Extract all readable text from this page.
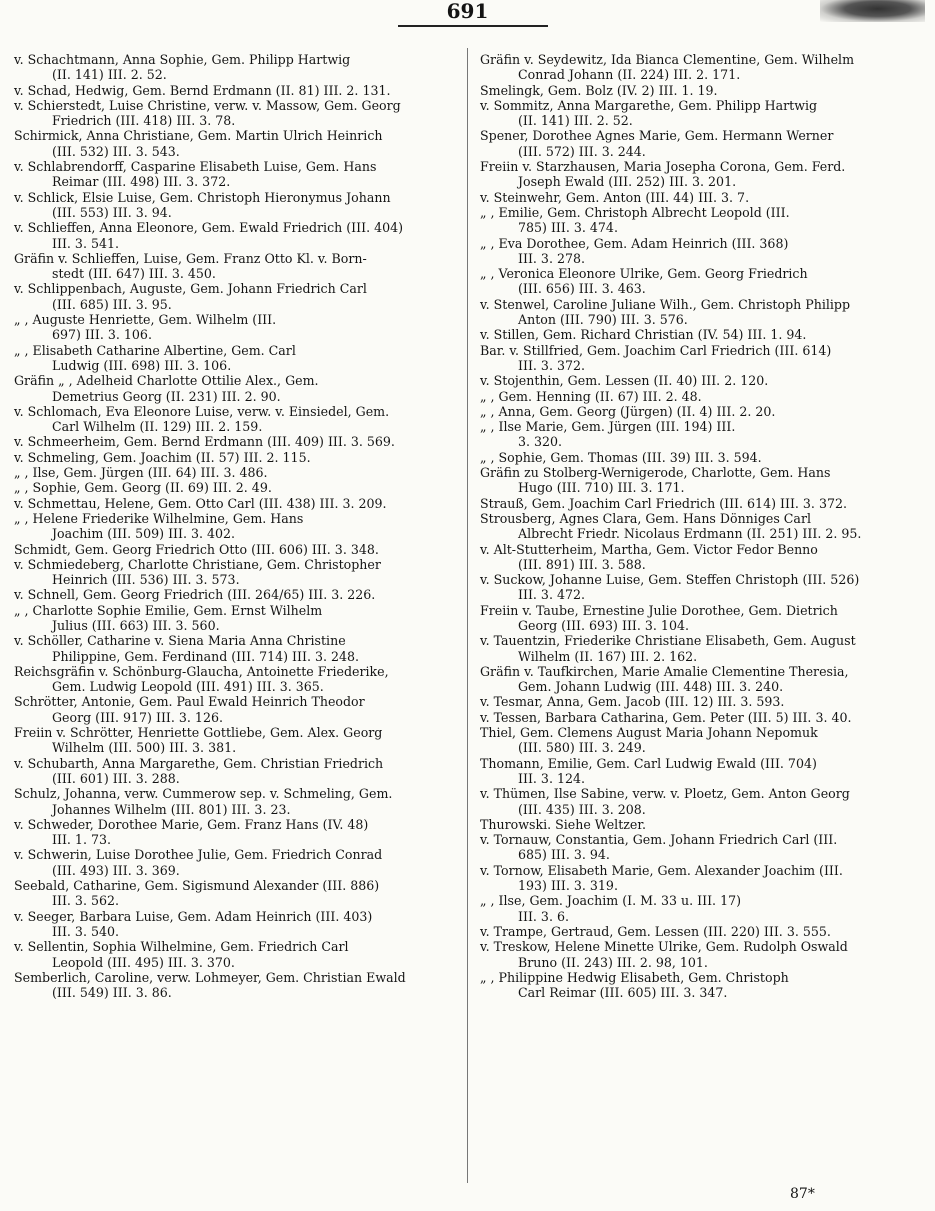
691
v. Schachtmann, Anna Sophie, Gem. Philipp Hartwig
(II. 141) III. 2. 52.
v. Schad, Hedwig, Gem. Bernd Erdmann (II. 81) III. 2. 131.
v. Schierstedt, Luise Christine, verw. v. Massow, Gem. Georg
Friedrich (III. 418) III. 3. 78.
Schirmick, Anna Christiane, Gem. Martin Ulrich Heinrich
(III. 532) III. 3. 543.
v. Schlabrendorff, Casparine Elisabeth Luise, Gem. Hans
Reimar (III. 498) III. 3. 372.
v. Schlick, Elsie Luise, Gem. Christoph Hieronymus Johann
(III. 553) III. 3. 94.
v. Schlieffen, Anna Eleonore, Gem. Ewald Friedrich (III. 404)
III. 3. 541.
Gräfin v. Schlieffen, Luise, Gem. Franz Otto Kl. v. Born-
stedt (III. 647) III. 3. 450.
v. Schlippenbach, Auguste, Gem. Johann Friedrich Carl
(III. 685) III. 3. 95.
„ , Auguste Henriette, Gem. Wilhelm (III.
697) III. 3. 106.
„ , Elisabeth Catharine Albertine, Gem. Carl
Ludwig (III. 698) III. 3. 106.
Gräfin „ , Adelheid Charlotte Ottilie Alex., Gem.
Demetrius Georg (II. 231) III. 2. 90.
v. Schlomach, Eva Eleonore Luise, verw. v. Einsiedel, Gem.
Carl Wilhelm (II. 129) III. 2. 159.
v. Schmeerheim, Gem. Bernd Erdmann (III. 409) III. 3. 569.
v. Schmeling, Gem. Joachim (II. 57) III. 2. 115.
„ , Ilse, Gem. Jürgen (III. 64) III. 3. 486.
„ , Sophie, Gem. Georg (II. 69) III. 2. 49.
v. Schmettau, Helene, Gem. Otto Carl (III. 438) III. 3. 209.
„ , Helene Friederike Wilhelmine, Gem. Hans
Joachim (III. 509) III. 3. 402.
Schmidt, Gem. Georg Friedrich Otto (III. 606) III. 3. 348.
v. Schmiedeberg, Charlotte Christiane, Gem. Christopher
Heinrich (III. 536) III. 3. 573.
v. Schnell, Gem. Georg Friedrich (III. 264/65) III. 3. 226.
„ , Charlotte Sophie Emilie, Gem. Ernst Wilhelm
Julius (III. 663) III. 3. 560.
v. Schöller, Catharine v. Siena Maria Anna Christine
Philippine, Gem. Ferdinand (III. 714) III. 3. 248.
Reichsgräfin v. Schönburg-Glaucha, Antoinette Friederike,
Gem. Ludwig Leopold (III. 491) III. 3. 365.
Schrötter, Antonie, Gem. Paul Ewald Heinrich Theodor
Georg (III. 917) III. 3. 126.
Freiin v. Schrötter, Henriette Gottliebe, Gem. Alex. Georg
Wilhelm (III. 500) III. 3. 381.
v. Schubarth, Anna Margarethe, Gem. Christian Friedrich
(III. 601) III. 3. 288.
Schulz, Johanna, verw. Cummerow sep. v. Schmeling, Gem.
Johannes Wilhelm (III. 801) III. 3. 23.
v. Schweder, Dorothee Marie, Gem. Franz Hans (IV. 48)
III. 1. 73.
v. Schwerin, Luise Dorothee Julie, Gem. Friedrich Conrad
(III. 493) III. 3. 369.
Seebald, Catharine, Gem. Sigismund Alexander (III. 886)
III. 3. 562.
v. Seeger, Barbara Luise, Gem. Adam Heinrich (III. 403)
III. 3. 540.
v. Sellentin, Sophia Wilhelmine, Gem. Friedrich Carl
Leopold (III. 495) III. 3. 370.
Semberlich, Caroline, verw. Lohmeyer, Gem. Christian Ewald
(III. 549) III. 3. 86.
Gräfin v. Seydewitz, Ida Bianca Clementine, Gem. Wilhelm
Conrad Johann (II. 224) III. 2. 171.
Smelingk, Gem. Bolz (IV. 2) III. 1. 19.
v. Sommitz, Anna Margarethe, Gem. Philipp Hartwig
(II. 141) III. 2. 52.
Spener, Dorothee Agnes Marie, Gem. Hermann Werner
(III. 572) III. 3. 244.
Freiin v. Starzhausen, Maria Josepha Corona, Gem. Ferd.
Joseph Ewald (III. 252) III. 3. 201.
v. Steinwehr, Gem. Anton (III. 44) III. 3. 7.
„ , Emilie, Gem. Christoph Albrecht Leopold (III.
785) III. 3. 474.
„ , Eva Dorothee, Gem. Adam Heinrich (III. 368)
III. 3. 278.
„ , Veronica Eleonore Ulrike, Gem. Georg Friedrich
(III. 656) III. 3. 463.
v. Stenwel, Caroline Juliane Wilh., Gem. Christoph Philipp
Anton (III. 790) III. 3. 576.
v. Stillen, Gem. Richard Christian (IV. 54) III. 1. 94.
Bar. v. Stillfried, Gem. Joachim Carl Friedrich (III. 614)
III. 3. 372.
v. Stojenthin, Gem. Lessen (II. 40) III. 2. 120.
„ , Gem. Henning (II. 67) III. 2. 48.
„ , Anna, Gem. Georg (Jürgen) (II. 4) III. 2. 20.
„ , Ilse Marie, Gem. Jürgen (III. 194) III.
3. 320.
„ , Sophie, Gem. Thomas (III. 39) III. 3. 594.
Gräfin zu Stolberg-Wernigerode, Charlotte, Gem. Hans
Hugo (III. 710) III. 3. 171.
Strauß, Gem. Joachim Carl Friedrich (III. 614) III. 3. 372.
Strousberg, Agnes Clara, Gem. Hans Dönniges Carl
Albrecht Friedr. Nicolaus Erdmann (II. 251) III. 2. 95.
v. Alt-Stutterheim, Martha, Gem. Victor Fedor Benno
(III. 891) III. 3. 588.
v. Suckow, Johanne Luise, Gem. Steffen Christoph (III. 526)
III. 3. 472.
Freiin v. Taube, Ernestine Julie Dorothee, Gem. Dietrich
Georg (III. 693) III. 3. 104.
v. Tauentzin, Friederike Christiane Elisabeth, Gem. August
Wilhelm (II. 167) III. 2. 162.
Gräfin v. Taufkirchen, Marie Amalie Clementine Theresia,
Gem. Johann Ludwig (III. 448) III. 3. 240.
v. Tesmar, Anna, Gem. Jacob (III. 12) III. 3. 593.
v. Tessen, Barbara Catharina, Gem. Peter (III. 5) III. 3. 40.
Thiel, Gem. Clemens August Maria Johann Nepomuk
(III. 580) III. 3. 249.
Thomann, Emilie, Gem. Carl Ludwig Ewald (III. 704)
III. 3. 124.
v. Thümen, Ilse Sabine, verw. v. Ploetz, Gem. Anton Georg
(III. 435) III. 3. 208.
Thurowski. Siehe Weltzer.
v. Tornauw, Constantia, Gem. Johann Friedrich Carl (III.
685) III. 3. 94.
v. Tornow, Elisabeth Marie, Gem. Alexander Joachim (III.
193) III. 3. 319.
„ , Ilse, Gem. Joachim (I. M. 33 u. III. 17)
III. 3. 6.
v. Trampe, Gertraud, Gem. Lessen (III. 220) III. 3. 555.
v. Treskow, Helene Minette Ulrike, Gem. Rudolph Oswald
Bruno (II. 243) III. 2. 98, 101.
„ , Philippine Hedwig Elisabeth, Gem. Christoph
Carl Reimar (III. 605) III. 3. 347.
87*
